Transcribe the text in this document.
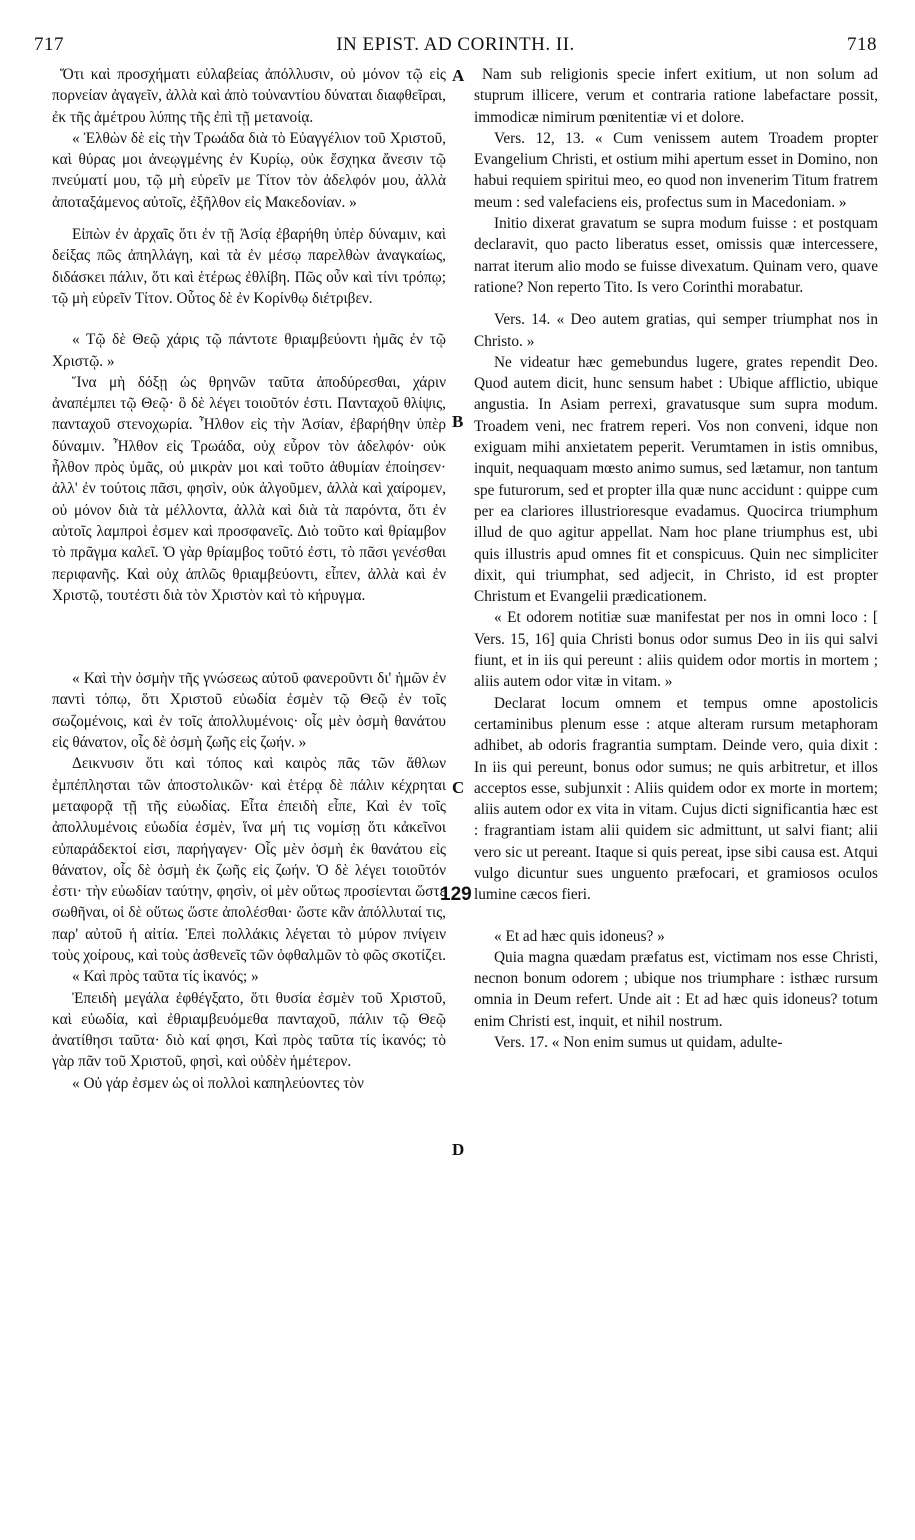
717	IN EPIST. AD CORINTH. II.	718

Ὅτι καὶ προσχήματι εὐλαβείας ἀπόλλυσιν, οὐ μόνον τῷ εἰς πορνείαν ἀγαγεῖν, ἀλλὰ καὶ ἀπὸ τοὐναντίου δύναται διαφθεῖραι, ἐκ τῆς ἀμέτρου λύπης τῆς ἐπὶ τῇ μετανοίᾳ.

« Ἐλθὼν δὲ εἰς τὴν Τρωάδα διὰ τὸ Εὐαγγέλιον τοῦ Χριστοῦ, καὶ θύρας μοι ἀνεῳγμένης ἐν Κυρίῳ, οὐκ ἔσχηκα ἄνεσιν τῷ πνεύματί μου, τῷ μὴ εὑρεῖν με Τίτον τὸν ἀδελφόν μου, ἀλλὰ ἀποταξάμενος αὐτοῖς, ἐξῆλθον εἰς Μακεδονίαν. »

Εἰπὼν ἐν ἀρχαῖς ὅτι ἐν τῇ Ἀσίᾳ ἐβαρήθη ὑπὲρ δύναμιν, καὶ δείξας πῶς ἀπηλλάγη, καὶ τὰ ἐν μέσῳ παρελθὼν ἀναγκαίως, διδάσκει πάλιν, ὅτι καὶ ἑτέρως ἐθλίβη. Πῶς οὖν καὶ τίνι τρόπῳ; τῷ μὴ εὑρεῖν Τίτον. Οὗτος δὲ ἐν Κορίνθῳ διέτριβεν.

« Τῷ δὲ Θεῷ χάρις τῷ πάντοτε θριαμβεύοντι ἡμᾶς ἐν τῷ Χριστῷ. »

Ἵνα μὴ δόξῃ ὡς θρηνῶν ταῦτα ἀποδύρεσθαι, χάριν ἀναπέμπει τῷ Θεῷ· ὃ δὲ λέγει τοιοῦτόν ἐστι. Πανταχοῦ θλίψις, πανταχοῦ στενοχωρία. Ἦλθον εἰς τὴν Ἀσίαν, ἐβαρήθην ὑπὲρ δύναμιν. Ἦλθον εἰς Τρωάδα, οὐχ εὗρον τὸν ἀδελφόν· οὐκ ἦλθον πρὸς ὑμᾶς, οὐ μικρὰν μοι καὶ τοῦτο ἀθυμίαν ἐποίησεν· ἀλλ' ἐν τούτοις πᾶσι, φησὶν, οὐκ ἀλγοῦμεν, ἀλλὰ καὶ χαίρομεν, οὐ μόνον διὰ τὰ μέλλοντα, ἀλλὰ καὶ διὰ τὰ παρόντα, ὅτι ἐν αὐτοῖς λαμπροὶ ἐσμεν καὶ προσφανεῖς. Διὸ τοῦτο καὶ θρίαμβον τὸ πρᾶγμα καλεῖ. Ὁ γὰρ θρίαμβος τοῦτό ἐστι, τὸ πᾶσι γενέσθαι περιφανῆς. Καὶ οὐχ ἁπλῶς θριαμβεύοντι, εἶπεν, ἀλλὰ καὶ ἐν Χριστῷ, τουτέστι διὰ τὸν Χριστὸν καὶ τὸ κήρυγμα.

« Καὶ τὴν ὀσμὴν τῆς γνώσεως αὐτοῦ φανεροῦντι δι' ἡμῶν ἐν παντὶ τόπῳ, ὅτι Χριστοῦ εὐωδία ἐσμὲν τῷ Θεῷ ἐν τοῖς σωζομένοις, καὶ ἐν τοῖς ἀπολλυμένοις· οἷς μὲν ὀσμὴ θανάτου εἰς θάνατον, οἷς δὲ ὀσμὴ ζωῆς εἰς ζωήν. »

Δεικνυσιν ὅτι καὶ τόπος καὶ καιρὸς πᾶς τῶν ἄθλων ἐμπέπλησται τῶν ἀποστολικῶν· καὶ ἑτέρᾳ δὲ πάλιν κέχρηται μεταφορᾷ τῇ τῆς εὐωδίας. Εἶτα ἐπειδὴ εἶπε, Καὶ ἐν τοῖς ἀπολλυμένοις εὐωδία ἐσμὲν, ἵνα μή τις νομίσῃ ὅτι κἀκεῖνοι εὐπαράδεκτοί εἰσι, παρήγαγεν· Οἷς μὲν ὀσμὴ ἐκ θανάτου εἰς θάνατον, οἷς δὲ ὀσμὴ ἐκ ζωῆς εἰς ζωήν. Ὁ δὲ λέγει τοιοῦτόν ἐστι· τὴν εὐωδίαν ταύτην, φησὶν, οἱ μὲν οὕτως προσίενται ὥστε σωθῆναι, οἱ δὲ οὕτως ὥστε ἀπολέσθαι· ὥστε κἂν ἀπόλλυταί τις, παρ' αὐτοῦ ἡ αἰτία. Ἐπεὶ πολλάκις λέγεται τὸ μύρον πνίγειν τοὺς χοίρους, καὶ τοὺς ἀσθενεῖς τῶν ὀφθαλμῶν τὸ φῶς σκοτίζει.

« Καὶ πρὸς ταῦτα τίς ἱκανός; »

Ἐπειδὴ μεγάλα ἐφθέγξατο, ὅτι θυσία ἐσμὲν τοῦ Χριστοῦ, καὶ εὐωδία, καὶ ἐθριαμβευόμεθα πανταχοῦ, πάλιν τῷ Θεῷ ἀνατίθησι ταῦτα· διὸ καί φησι, Καὶ πρὸς ταῦτα τίς ἱκανός; τὸ γὰρ πᾶν τοῦ Χριστοῦ, φησὶ, καὶ οὐδὲν ἡμέτερον.

« Οὐ γάρ ἐσμεν ὡς οἱ πολλοὶ καπηλεύοντες τὸν

Nam sub religionis specie infert exitium, ut non solum ad stuprum illicere, verum et contraria ratione labefactare possit, immodicæ nimirum pœnitentiæ vi et dolore.

Vers. 12, 13. « Cum venissem autem Troadem propter Evangelium Christi, et ostium mihi apertum esset in Domino, non habui requiem spiritui meo, eo quod non invenerim Titum fratrem meum : sed valefaciens eis, profectus sum in Macedoniam. »

Initio dixerat gravatum se supra modum fuisse : et postquam declaravit, quo pacto liberatus esset, omissis quæ intercessere, narrat iterum alio modo se fuisse divexatum. Quinam vero, quave ratione? Non reperto Tito. Is vero Corinthi morabatur.

Vers. 14. « Deo autem gratias, qui semper triumphat nos in Christo. »

Ne videatur hæc gemebundus lugere, grates rependit Deo. Quod autem dicit, hunc sensum habet : Ubique afflictio, ubique angustia. In Asiam perrexi, gravatusque sum supra modum. Troadem veni, nec fratrem reperi. Vos non conveni, idque non exiguam mihi anxietatem peperit. Verumtamen in istis omnibus, inquit, nequaquam mœsto animo sumus, sed lætamur, non tantum spe futurorum, sed et propter illa quæ nunc accidunt : quippe cum per ea clariores illustrioresque evadamus. Quocirca triumphum illud de quo agitur appellat. Nam hoc plane triumphus est, ubi quis illustris apud omnes fit et conspicuus. Quin nec simpliciter dixit, qui triumphat, sed adjecit, in Christo, id est propter Christum et Evangelii prædicationem.

« Et odorem notitiæ suæ manifestat per nos in omni loco : [ Vers. 15, 16] quia Christi bonus odor sumus Deo in iis qui salvi fiunt, et in iis qui pereunt : aliis quidem odor mortis in mortem ; aliis autem odor vitæ in vitam. »

Declarat locum omnem et tempus omne apostolicis certaminibus plenum esse : atque alteram rursum metaphoram adhibet, ab odoris fragrantia sumptam. Deinde vero, quia dixit : In iis qui pereunt, bonus odor sumus; ne quis arbitretur, et illos acceptos esse, subjunxit : Aliis quidem odor ex morte in mortem; aliis autem odor ex vita in vitam. Cujus dicti significantia hæc est : fragrantiam istam alii quidem sic admittunt, ut salvi fiant; alii vero sic ut pereant. Itaque si quis pereat, ipse sibi causa est. Atqui vulgo dicuntur sues unguento præfocari, et gramiosos oculos lumine cæcos fieri.

« Et ad hæc quis idoneus? »

Quia magna quædam præfatus est, victimam nos esse Christi, necnon bonum odorem ; ubique nos triumphare : isthæc rursum omnia in Deum refert. Unde ait : Et ad hæc quis idoneus? totum enim Christi est, inquit, et nihil nostrum.

Vers. 17. « Non enim sumus ut quidam, adulte-

A
B
C
D
129
